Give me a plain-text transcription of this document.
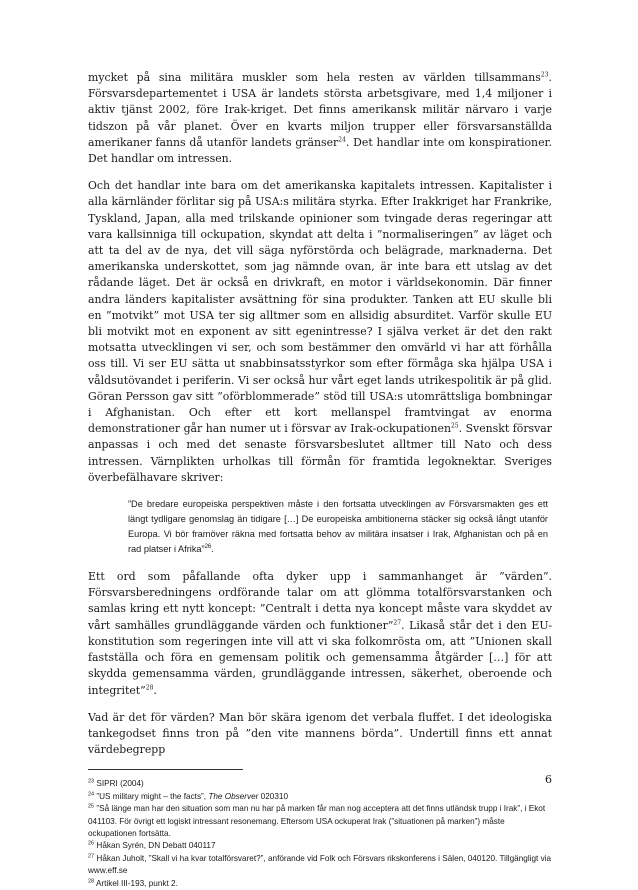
mycket på sina militära muskler som hela resten av världen tillsammans$^{23}$. Försvarsdepartementet i USA är landets största arbetsgivare, med 1,4 miljoner i aktiv tjänst 2002, före Irak-kriget. Det finns amerikansk militär närvaro i varje tidszon på vår planet. Över en kvarts miljon trupper eller försvarsanställda amerikaner fanns då utanför landets gränser$^{24}$. Det handlar inte om konspirationer. Det handlar om intressen.

Och det handlar inte bara om det amerikanska kapitalets intressen. Kapitalister i alla kärnländer förlitar sig på USA:s militära styrka. Efter Irakkriget har Frankrike, Tyskland, Japan, alla med trilskande opinioner som tvingade deras regeringar att vara kallsinniga till ockupation, skyndat att delta i ”normaliseringen” av läget och att ta del av de nya, det vill säga nyförstörda och belägrade, marknaderna. Det amerikanska underskottet, som jag nämnde ovan, är inte bara ett utslag av det rådande läget. Det är också en drivkraft, en motor i världsekonomin. Där finner andra länders kapitalister avsättning för sina produkter. Tanken att EU skulle bli en ”motvikt” mot USA ter sig alltmer som en allsidig absurditet. Varför skulle EU bli motvikt mot en exponent av sitt egenintresse? I själva verket är det den rakt motsatta utvecklingen vi ser, och som bestämmer den omvärld vi har att förhålla oss till. Vi ser EU sätta ut snabbinsatsstyrkor som efter förmåga ska hjälpa USA i våldsutövandet i periferin. Vi ser också hur vårt eget lands utrikespolitik är på glid. Göran Persson gav sitt ”oförblommerade” stöd till USA:s utomrättsliga bombningar i Afghanistan. Och efter ett kort mellanspel framtvingat av enorma demonstrationer går han numer ut i försvar av Irak-ockupationen$^{25}$. Svenskt försvar anpassas i och med det senaste försvarsbeslutet alltmer till Nato och dess intressen. Värnplikten urholkas till förmån för framtida legoknektar. Sveriges överbefälhavare skriver:

”De bredare europeiska perspektiven måste i den fortsatta utvecklingen av Försvarsmakten ges ett längt tydligare genomslag än tidigare […] De europeiska ambitionerna stäcker sig också långt utanför Europa. Vi bör framöver räkna med fortsatta behov av militära insatser i Irak, Afghanistan och på en rad platser i Afrika”$^{26}$.

Ett ord som påfallande ofta dyker upp i sammanhanget är ”värden”. Försvarsberedningens ordförande talar om att glömma totalförsvarstanken och samlas kring ett nytt koncept: ”Centralt i detta nya koncept måste vara skyddet av vårt samhälles grundläggande värden och funktioner”$^{27}$. Likaså står det i den EU-konstitution som regeringen inte vill att vi ska folkomrösta om, att ”Unionen skall fastställa och föra en gemensam politik och gemensamma åtgärder […] för att skydda gemensamma värden, grundläggande intressen, säkerhet, oberoende och integritet”$^{28}$.

Vad är det för värden? Man bör skära igenom det verbala fluffet. I det ideologiska tankegodset finns tron på ”den vite mannens börda”. Undertill finns ett annat värdebegrepp

$^{23}$ SIPRI (2004)

$^{24}$ ”US military might – the facts”, The Observer 020310

$^{25}$ ”Så länge man har den situation som man nu har på marken får man nog acceptera att det finns utländsk trupp i Irak”, i Ekot 041103. För övrigt ett logiskt intressant resonemang. Eftersom USA ockuperat Irak (”situationen på marken”) måste ockupationen fortsätta.

$^{26}$ Håkan Syrén, DN Debatt 040117

$^{27}$ Håkan Juholt, ”Skall vi ha kvar totalförsvaret?”, anförande vid Folk och Försvars rikskonferens i Sälen, 040120. Tillgängligt via www.eff.se

$^{28}$ Artikel III-193, punkt 2.

6
